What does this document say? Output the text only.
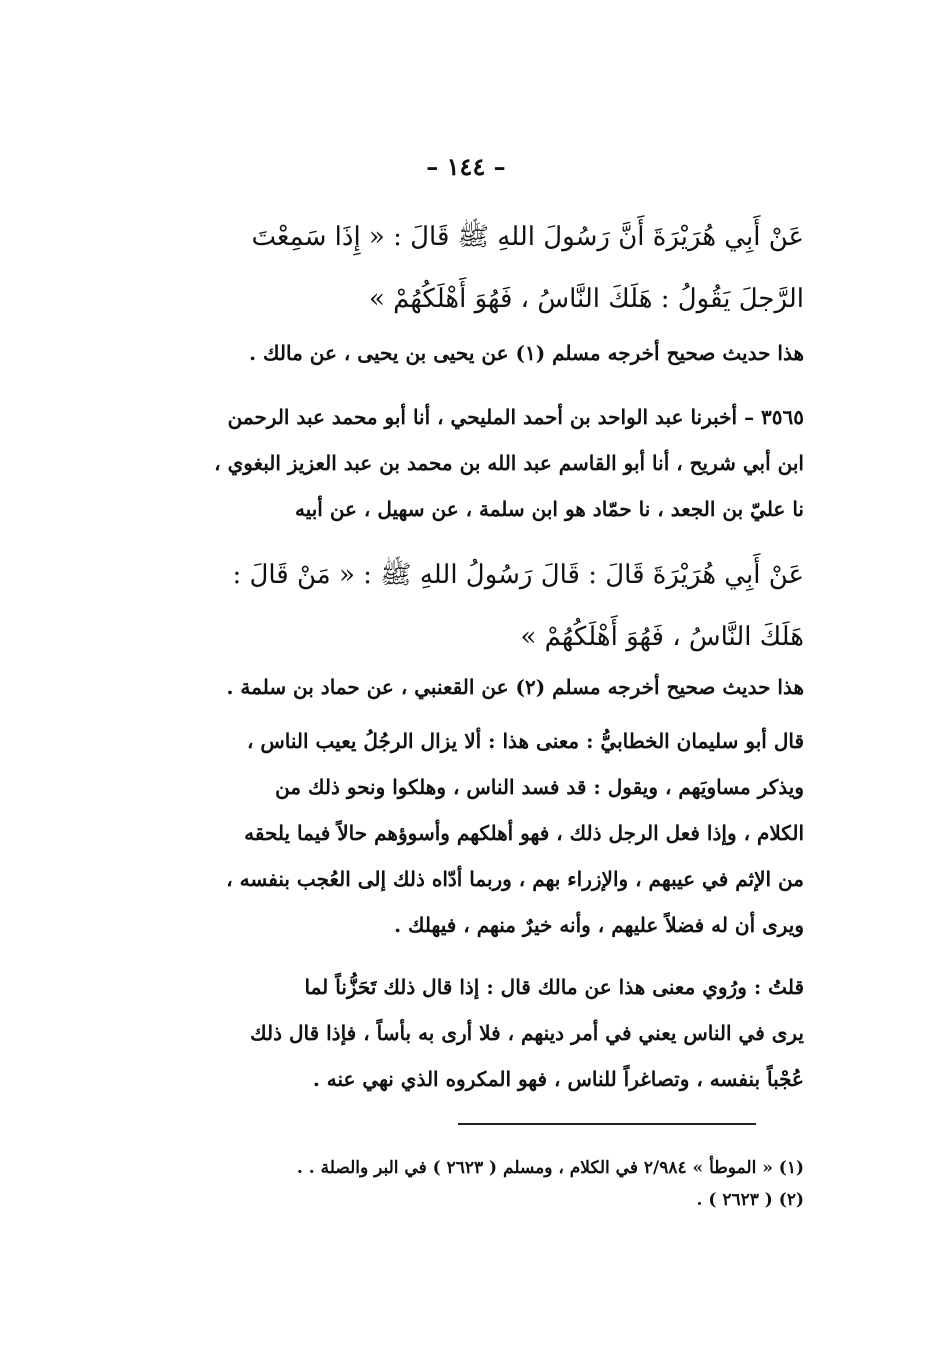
– ١٤٤ –
عَنْ أَبِي هُرَيْرَةَ أَنَّ رَسُولَ اللهِ ﷺ قَالَ : « إِذَا سَمِعْتَ
الرَّجلَ يَقُولُ : هَلَكَ النَّاسُ ، فَهُوَ أَهْلَكُهُمْ »
هذا حديث صحيح أخرجه مسلم (١) عن يحيى بن يحيى ، عن مالك .
٣٥٦٥ – أخبرنا عبد الواحد بن أحمد المليحي ، أنا أبو محمد عبد الرحمن
ابن أبي شريح ، أنا أبو القاسم عبد الله بن محمد بن عبد العزيز البغوي ،
نا عليّ بن الجعد ، نا حمّاد هو ابن سلمة ، عن سهيل ، عن أبيه
عَنْ أَبِي هُرَيْرَةَ قَالَ : قَالَ رَسُولُ اللهِ ﷺ : « مَنْ قَالَ :
هَلَكَ النَّاسُ ، فَهُوَ أَهْلَكُهُمْ »
هذا حديث صحيح أخرجه مسلم (٢) عن القعنبي ، عن حماد بن سلمة .
قال أبو سليمان الخطابيُّ : معنى هذا : ألا يزال الرجُلُ يعيب الناس ،
ويذكر مساويَهم ، ويقول : قد فسد الناس ، وهلكوا ونحو ذلك من
الكلام ، وإذا فعل الرجل ذلك ، فهو أهلكهم وأسوؤهم حالاً فيما يلحقه
من الإثم في عيبهم ، والإزراء بهم ، وربما أدّاه ذلك إلى العُجب بنفسه ،
ويرى أن له فضلاً عليهم ، وأنه خيرٌ منهم ، فيهلك .
قلتُ : ورُوي معنى هذا عن مالك قال : إذا قال ذلك تَحَزُّناً لما
يرى في الناس يعني في أمر دينهم ، فلا أرى به بأساً ، فإذا قال ذلك
عُجْباً بنفسه ، وتصاغراً للناس ، فهو المكروه الذي نهي عنه .
(١) « الموطأ » ٢/٩٨٤ في الكلام ، ومسلم ( ٢٦٢٣ ) في البر والصلة . .
(٢) ( ٢٦٢٣ ) .
